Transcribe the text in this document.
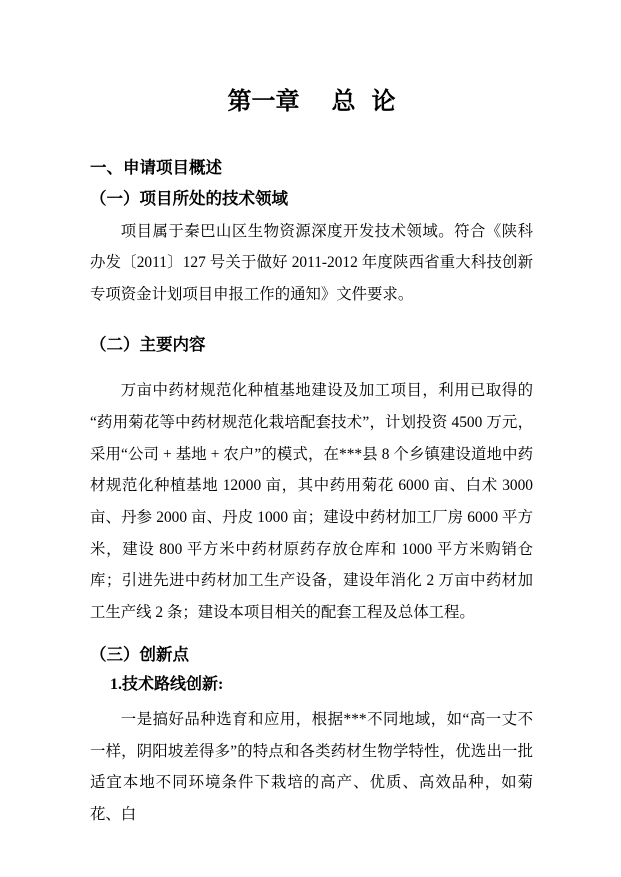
第一章  总 论
一、申请项目概述
（一）项目所处的技术领域

项目属于秦巴山区生物资源深度开发技术领域。符合《陕科办发〔2011〕127 号关于做好 2011-2012 年度陕西省重大科技创新专项资金计划项目申报工作的通知》文件要求。

（二）主要内容

万亩中药材规范化种植基地建设及加工项目，利用已取得的“药用菊花等中药材规范化栽培配套技术”，计划投资 4500 万元，采用“公司 + 基地 + 农户”的模式，在***县 8 个乡镇建设道地中药材规范化种植基地 12000 亩，其中药用菊花 6000 亩、白术 3000 亩、丹参 2000 亩、丹皮 1000 亩；建设中药材加工厂房 6000 平方米，建设 800 平方米中药材原药存放仓库和 1000 平方米购销仓库；引进先进中药材加工生产设备，建设年消化 2 万亩中药材加工生产线 2 条；建设本项目相关的配套工程及总体工程。

（三）创新点
1.技术路线创新:

一是搞好品种选育和应用，根据***不同地域，如“高一丈不一样，阴阳坡差得多”的特点和各类药材生物学特性，优选出一批适宜本地不同环境条件下栽培的高产、优质、高效品种，如菊花、白
